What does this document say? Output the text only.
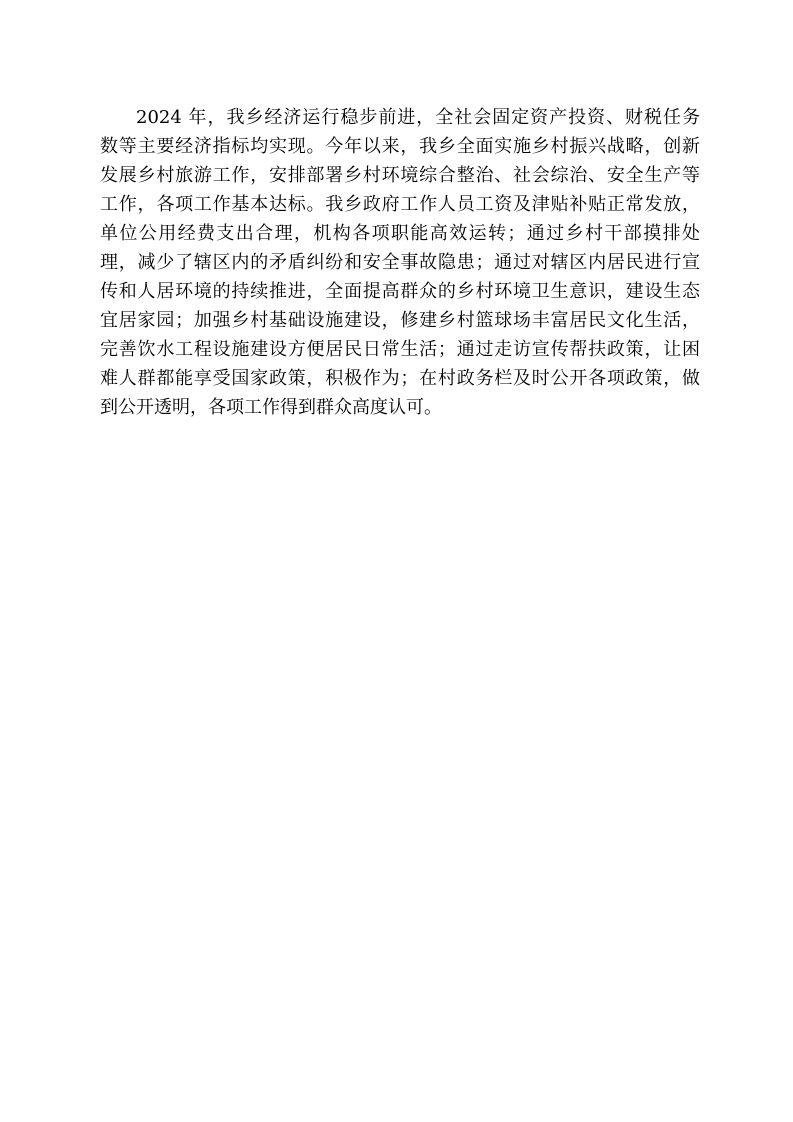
2024 年，我乡经济运行稳步前进，全社会固定资产投资、财税任务
数等主要经济指标均实现。今年以来，我乡全面实施乡村振兴战略，创新
发展乡村旅游工作，安排部署乡村环境综合整治、社会综治、安全生产等
工作，各项工作基本达标。我乡政府工作人员工资及津贴补贴正常发放，
单位公用经费支出合理，机构各项职能高效运转；通过乡村干部摸排处
理，减少了辖区内的矛盾纠纷和安全事故隐患；通过对辖区内居民进行宣
传和人居环境的持续推进，全面提高群众的乡村环境卫生意识，建设生态
宜居家园；加强乡村基础设施建设，修建乡村篮球场丰富居民文化生活，
完善饮水工程设施建设方便居民日常生活；通过走访宣传帮扶政策，让困
难人群都能享受国家政策，积极作为；在村政务栏及时公开各项政策，做
到公开透明，各项工作得到群众高度认可。
